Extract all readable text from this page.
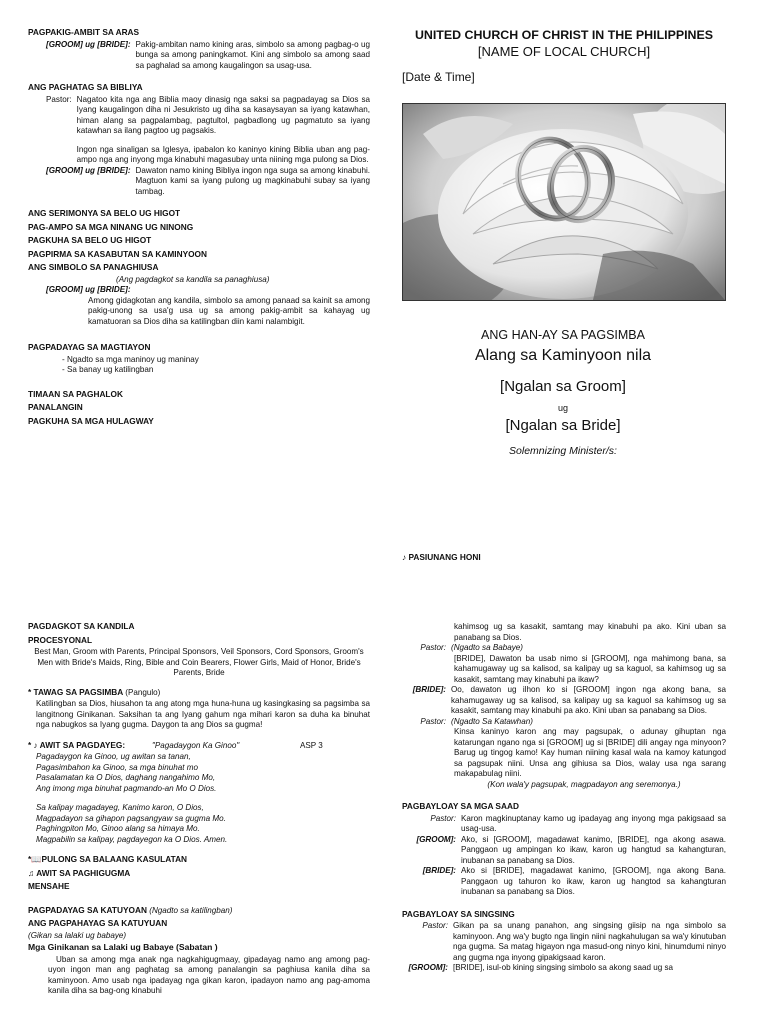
PAGPAKIG-AMBIT SA ARAS
[GROOM] ug [BRIDE]: Pakig-ambitan namo kining aras, simbolo sa among pagbag-o ug bunga sa among paningkamot. Kini ang simbolo sa among saad sa paghalad sa among kaugalingon sa usag-usa.
ANG PAGHATAG SA BIBLIYA
Pastor: Nagatoo kita nga ang Biblia maoy dinasig nga saksi sa pagpadayag sa Dios sa Iyang kaugalingon diha ni Jesukristo ug diha sa kasaysayan sa iyang katawhan, himan alang sa pagpalambag, pagtultol, pagbadlong ug pagmatuto sa iyang katawhan sa ilang pagtoo ug pagsakis.
Ingon nga sinaligan sa Iglesya, ipabalon ko kaninyo kining Biblia uban ang pag-ampo nga ang inyong mga kinabuhi magasubay unta niining mga pulong sa Dios.
[GROOM] ug [BRIDE]: Dawaton namo kining Bibliya ingon nga suga sa among kinabuhi. Magtuon kami sa iyang pulong ug magkinabuhi subay sa iyang tambag.
ANG SERIMONYA SA BELO UG HIGOT
PAG-AMPO SA MGA NINANG UG NINONG
PAGKUHA SA BELO UG HIGOT
PAGPIRMA SA KASABUTAN SA KAMINYOON
ANG SIMBOLO SA PANAGHIUSA
(Ang pagdagkot sa kandila sa panaghiusa)
[GROOM] ug [BRIDE]:
Among gidagkotan ang kandila, simbolo sa among panaad sa kainit sa among pakig-unong sa usa'g usa ug sa among pakig-ambit sa kahayag ug kamatuoran sa Dios diha sa katilingban diin kami nalambigit.
PAGPADAYAG SA MAGTIAYON
- Ngadto sa mga maninoy ug maninay
- Sa banay ug katilingban
TIMAAN SA PAGHALOK
PANALANGIN
PAGKUHA SA MGA HULAGWAY
UNITED CHURCH OF CHRIST IN THE PHILIPPINES
[NAME OF LOCAL CHURCH]
[Date & Time]
ANG HAN-AY SA PAGSIMBA
Alang sa Kaminyoon nila
[Ngalan sa Groom]
ug
[Ngalan sa Bride]
Solemnizing Minister/s:
♪ PASIUNANG HONI
PAGDAGKOT SA KANDILA
PROCESYONAL
Best Man, Groom with Parents, Principal Sponsors, Veil Sponsors, Cord Sponsors, Groom's Men with Bride's Maids, Ring, Bible and Coin Bearers, Flower Girls, Maid of Honor, Bride's Parents, Bride
* TAWAG SA PAGSIMBA (Pangulo)
Katilingban sa Dios, hiusahon ta ang atong mga huna-huna ug kasingkasing sa pagsimba sa langitnong Ginikanan. Saksihan ta ang Iyang gahum nga mihari karon sa duha ka binuhat nga nabugkos sa Iyang gugma. Daygon ta ang Dios sa gugma!
* ♪ AWIT SA PAGDAYEG:	"Pagadaygon Ka Ginoo"	ASP 3
Pagadaygon ka Ginoo, ug awitan sa tanan,
Pagasimbahon ka Ginoo, sa mga binuhat mo
Pasalamatan ka O Dios, daghang nangahimo Mo,
Ang imong mga binuhat pagmando-an Mo O Dios.
Sa kalipay magadayeg, Kanimo karon, O Dios,
Magpadayon sa gihapon pagsangyaw sa gugma Mo.
Paghingpiton Mo, Ginoo alang sa himaya Mo.
Magpabilin sa kalipay, pagdayegon ka O Dios. Amen.
*📖PULONG SA BALAANG KASULATAN
♫ AWIT SA PAGHIGUGMA
MENSAHE
PAGPADAYAG SA KATUYOAN (Ngadto sa katilingban)
ANG PAGPAHAYAG SA KATUYUAN
(Gikan sa lalaki ug babaye)
Mga Ginikanan sa Lalaki ug Babaye (Sabatan )
Uban sa among mga anak nga nagkahigugmaay, gipadayag namo ang among pag-uyon ingon man ang paghatag sa among panalangin sa paghiusa kanila diha sa kaminyoon. Amo usab nga ipadayag nga gikan karon, ipadayon namo ang pag-amoma kanila diha sa bag-ong kinabuhi
kahimsog ug sa kasakit, samtang may kinabuhi pa ako. Kini uban sa panabang sa Dios.
Pastor: (Ngadto sa Babaye)
[BRIDE], Dawaton ba usab nimo si [GROOM], nga mahimong bana, sa kahamugaway ug sa kalisod, sa kalipay ug sa kaguol, sa kahimsog ug sa kasakit, samtang may kinabuhi pa ikaw?
[BRIDE]: Oo, dawaton ug ilhon ko si [GROOM] ingon nga akong bana, sa kahamugaway ug sa kalisod, sa kalipay ug sa kaguol sa kahimsog ug sa kasakit, samtang may kinabuhi pa ako. Kini uban sa panabang sa Dios.
Pastor: (Ngadto Sa Katawhan)
Kinsa kaninyo karon ang may pagsupak, o adunay gihuptan nga katarungan ngano nga si [GROOM] ug si [BRIDE] dili angay nga minyoon? Barug ug tingog kamo! Kay human niining kasal wala na kamoy katungod sa pagsupak niini. Unsa ang gihiusa sa Dios, walay usa nga sarang makapabulag niini.
(Kon wala'y pagsupak, magpadayon ang seremonya.)
PAGBAYLOAY SA MGA SAAD
Pastor: Karon magkinuptanay kamo ug ipadayag ang inyong mga pakigsaad sa usag-usa.
[GROOM]: Ako, si [GROOM], magadawat kanimo, [BRIDE], nga akong asawa. Panggaon ug ampingan ko ikaw, karon ug hangtud sa kahangturan, inubanan sa panabang sa Dios.
[BRIDE]: Ako si [BRIDE], magadawat kanimo, [GROOM], nga akong Bana. Panggaon ug tahuron ko ikaw, karon ug hangtod sa kahangturan inubanan sa panabang sa Dios.
PAGBAYLOAY SA SINGSING
Pastor: Gikan pa sa unang panahon, ang singsing giisip na nga simbolo sa kaminyoon. Ang wa'y bugto nga lingin niini nagkahulugan sa wa'y kinutuban nga gugma. Sa matag higayon nga masud-ong ninyo kini, hinumdumi ninyo ang gugma nga inyong gipakigsaad karon.
[GROOM]: [BRIDE], isul-ob kining singsing simbolo sa akong saad ug sa
